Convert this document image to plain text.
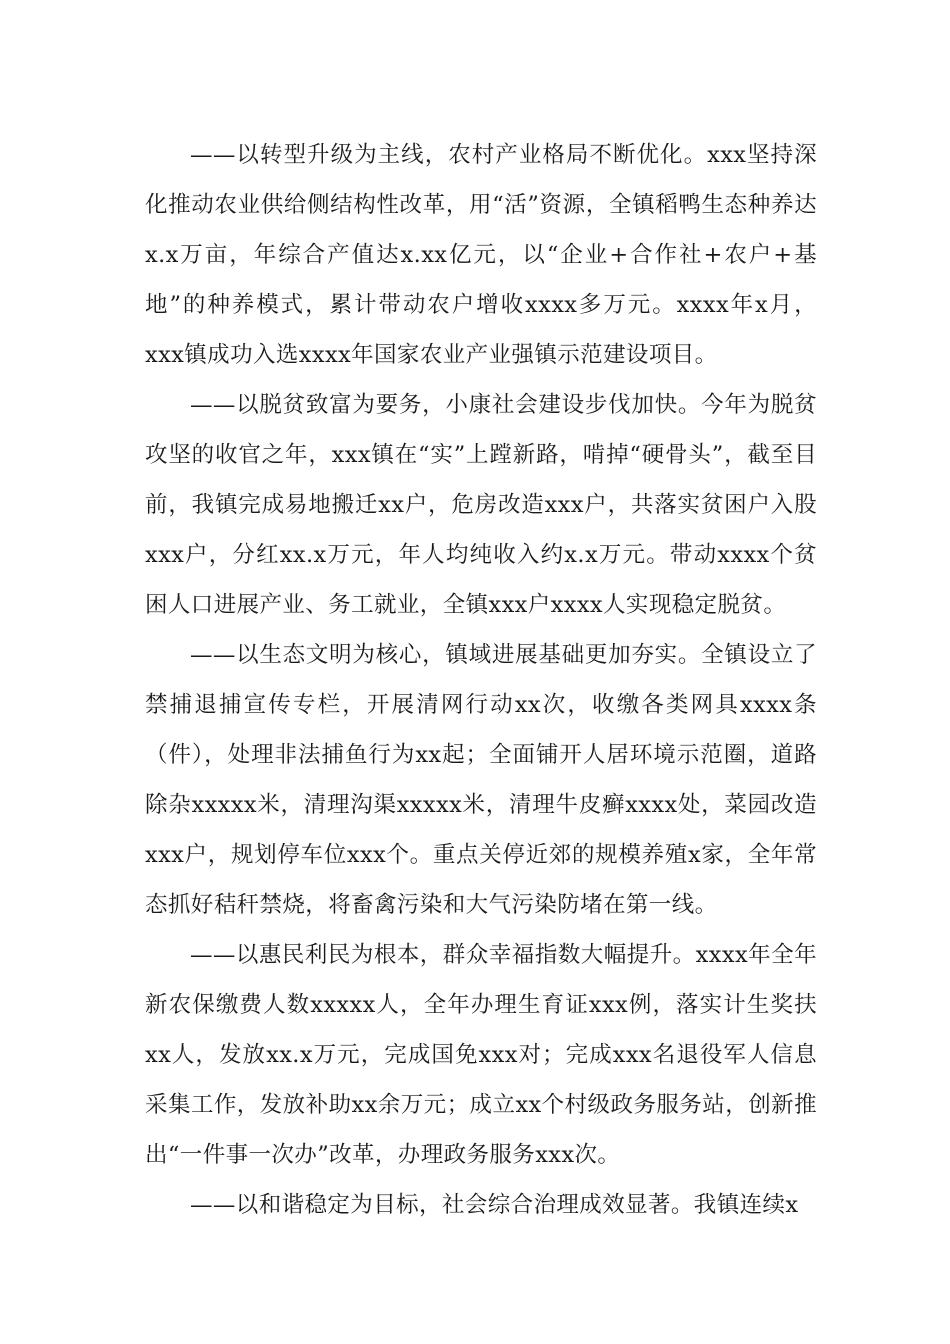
——以转型升级为主线，农村产业格局不断优化。xxx坚持深化推动农业供给侧结构性改革，用“活”资源，全镇稻鸭生态种养达x.x万亩，年综合产值达x.xx亿元，以“企业+合作社+农户+基地”的种养模式，累计带动农户增收xxxx多万元。xxxx年x月，xxx镇成功入选xxxx年国家农业产业强镇示范建设项目。

——以脱贫致富为要务，小康社会建设步伐加快。今年为脱贫攻坚的收官之年，xxx镇在“实”上蹚新路，啃掉“硬骨头”，截至目前，我镇完成易地搬迁xx户，危房改造xxx户，共落实贫困户入股xxx户，分红xx.x万元，年人均纯收入约x.x万元。带动xxxx个贫困人口进展产业、务工就业，全镇xxx户xxxx人实现稳定脱贫。

——以生态文明为核心，镇域进展基础更加夯实。全镇设立了禁捕退捕宣传专栏，开展清网行动xx次，收缴各类网具xxxx条（件），处理非法捕鱼行为xx起；全面铺开人居环境示范圈，道路除杂xxxxx米，清理沟渠xxxxx米，清理牛皮癣xxxx处，菜园改造xxx户，规划停车位xxx个。重点关停近郊的规模养殖x家，全年常态抓好秸秆禁烧，将畜禽污染和大气污染防堵在第一线。

——以惠民利民为根本，群众幸福指数大幅提升。xxxx年全年新农保缴费人数xxxxx人，全年办理生育证xxx例，落实计生奖扶xx人，发放xx.x万元，完成国免xxx对；完成xxx名退役军人信息采集工作，发放补助xx余万元；成立xx个村级政务服务站，创新推出“一件事一次办”改革，办理政务服务xxx次。

——以和谐稳定为目标，社会综合治理成效显著。我镇连续x
